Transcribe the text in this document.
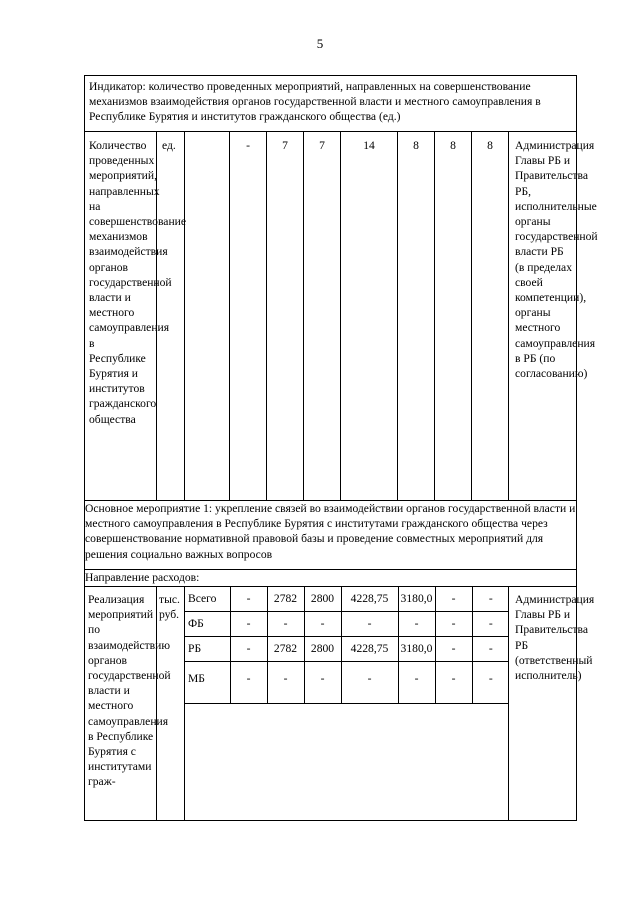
5
Индикатор: количество проведенных мероприятий, направленных на совершенствование механизмов взаимодействия органов государственной власти и местного самоуправления в Республике Бурятия и институтов гражданского общества (ед.)
Количество проведенных мероприятий, направленных на совершенствование механизмов взаимодействия органов государственной власти и местного самоуправления в Республике Бурятия и институтов гражданского общества	ед.		-	7	7	14	8	8	8	Администрация Главы РБ и Правительства РБ, исполнительные органы государственной власти РБ (в пределах своей компетенции), органы местного самоуправления в РБ (по согласованию)
Основное мероприятие 1: укрепление связей во взаимодействии органов государственной власти и местного самоуправления в Республике Бурятия с институтами гражданского общества через совершенствование нормативной правовой базы и проведение совместных мероприятий для решения социально важных вопросов
Направление расходов:
Реализация мероприятий по взаимодействию органов государственной власти и местного самоуправления в Республике Бурятия с институтами граж-	тыс. руб.	
Всего	-	2782	2800	4228,75	3180,0	-	-
ФБ	-	-	-	-	-	-	-
РБ	-	2782	2800	4228,75	3180,0	-	-
МБ	-	-	-	-	-	-	-
	Администрация Главы РБ и Правительства РБ (ответственный исполнитель)
